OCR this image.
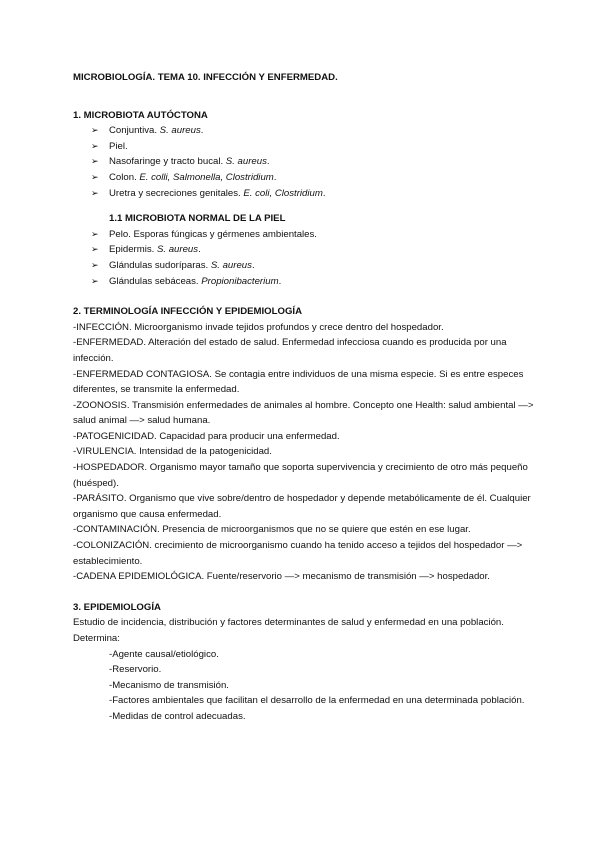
MICROBIOLOGÍA. TEMA 10. INFECCIÓN Y ENFERMEDAD.

1. MICROBIOTA AUTÓCTONA

➢ Conjuntiva. S. aureus.
➢ Piel.
➢ Nasofaringe y tracto bucal. S. aureus.
➢ Colon. E. colli, Salmonella, Clostridium.
➢ Uretra y secreciones genitales. E. coli, Clostridium.

1.1 MICROBIOTA NORMAL DE LA PIEL

➢ Pelo. Esporas fúngicas y gérmenes ambientales.
➢ Epidermis. S. aureus.
➢ Glándulas sudoríparas. S. aureus.
➢ Glándulas sebáceas. Propionibacterium.

2. TERMINOLOGÍA INFECCIÓN Y EPIDEMIOLOGÍA

-INFECCIÓN. Microorganismo invade tejidos profundos y crece dentro del hospedador.

-ENFERMEDAD. Alteración del estado de salud. Enfermedad infecciosa cuando es producida por una infección.

-ENFERMEDAD CONTAGIOSA. Se contagia entre individuos de una misma especie. Si es entre especes diferentes, se transmite la enfermedad.

-ZOONOSIS. Transmisión enfermedades de animales al hombre. Concepto one Health: salud ambiental —> salud animal —> salud humana.

-PATOGENICIDAD. Capacidad para producir una enfermedad.

-VIRULENCIA. Intensidad de la patogenicidad.

-HOSPEDADOR. Organismo mayor tamaño que soporta supervivencia y crecimiento de otro más pequeño (huésped).

-PARÁSITO. Organismo que vive sobre/dentro de hospedador y depende metabólicamente de él. Cualquier organismo que causa enfermedad.

-CONTAMINACIÓN. Presencia de microorganismos que no se quiere que estén en ese lugar.

-COLONIZACIÓN. crecimiento de microorganismo cuando ha tenido acceso a tejidos del hospedador —> establecimiento.

-CADENA EPIDEMIOLÓGICA. Fuente/reservorio —> mecanismo de transmisión —> hospedador.

3. EPIDEMIOLOGÍA

Estudio de incidencia, distribución y factores determinantes de salud y enfermedad en una población.

Determina:

-Agente causal/etiológico.

-Reservorio.

-Mecanismo de transmisión.

-Factores ambientales que facilitan el desarrollo de la enfermedad en una determinada población.

-Medidas de control adecuadas.
